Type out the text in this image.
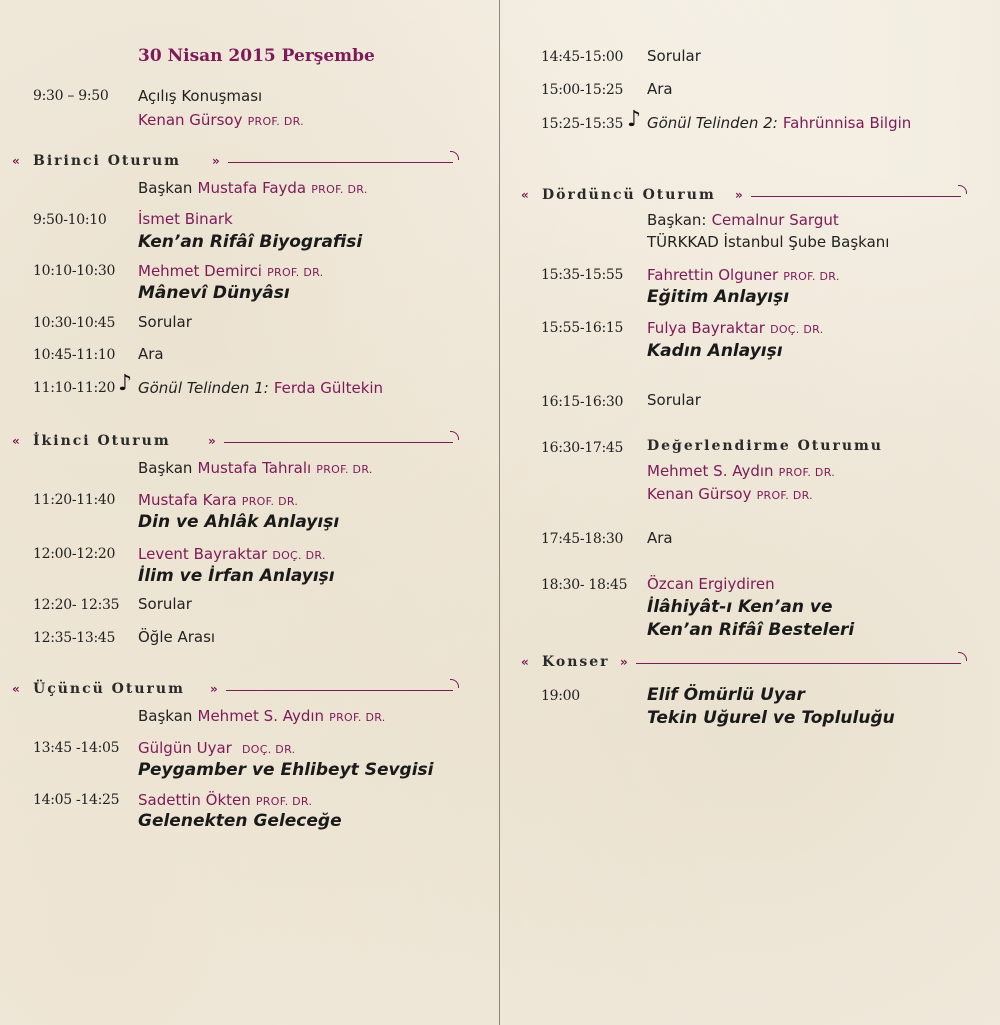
30 Nisan 2015 Perşembe
9:30 – 9:50 Açılış Konuşması
Kenan Gürsoy PROF. DR.
« Birinci Oturum	»
Başkan Mustafa Fayda PROF. DR.
9:50-10:10 İsmet Binark
Ken’an Rifâî Biyografisi
10:10-10:30 Mehmet Demirci PROF. DR.
Mânevî Dünyâsı
10:30-10:45 Sorular
10:45-11:10 Ara
11:10-11:20 ♪ Gönül Telinden 1: Ferda Gültekin
« İkinci Oturum	»
Başkan Mustafa Tahralı PROF. DR.
11:20-11:40 Mustafa Kara PROF. DR.
Din ve Ahlâk Anlayışı
12:00-12:20 Levent Bayraktar DOÇ. DR.
İlim ve İrfan Anlayışı
12:20- 12:35 Sorular
12:35-13:45 Öğle Arası
« Üçüncü Oturum »
Başkan Mehmet S. Aydın PROF. DR.
13:45 -14:05 Gülgün Uyar DOÇ. DR.
Peygamber ve Ehlibeyt Sevgisi
14:05 -14:25 Sadettin Ökten PROF. DR.
Gelenekten Geleceğe
14:45-15:00 Sorular
15:00-15:25 Ara
15:25-15:35 ♪ Gönül Telinden 2: Fahrünnisa Bilgin
« Dördüncü Oturum »
Başkan: Cemalnur Sargut
TÜRKKAD İstanbul Şube Başkanı
15:35-15:55 Fahrettin Olguner PROF. DR.
Eğitim Anlayışı
15:55-16:15 Fulya Bayraktar DOÇ. DR.
Kadın Anlayışı
16:15-16:30 Sorular
16:30-17:45 Değerlendirme Oturumu
Mehmet S. Aydın PROF. DR.
Kenan Gürsoy PROF. DR.
17:45-18:30 Ara
18:30- 18:45 Özcan Ergiydiren
İlâhiyât-ı Ken’an ve
Ken’an Rifâî Besteleri
« Konser »
19:00	Elif Ömürlü Uyar
Tekin Uğurel ve Topluluğu
